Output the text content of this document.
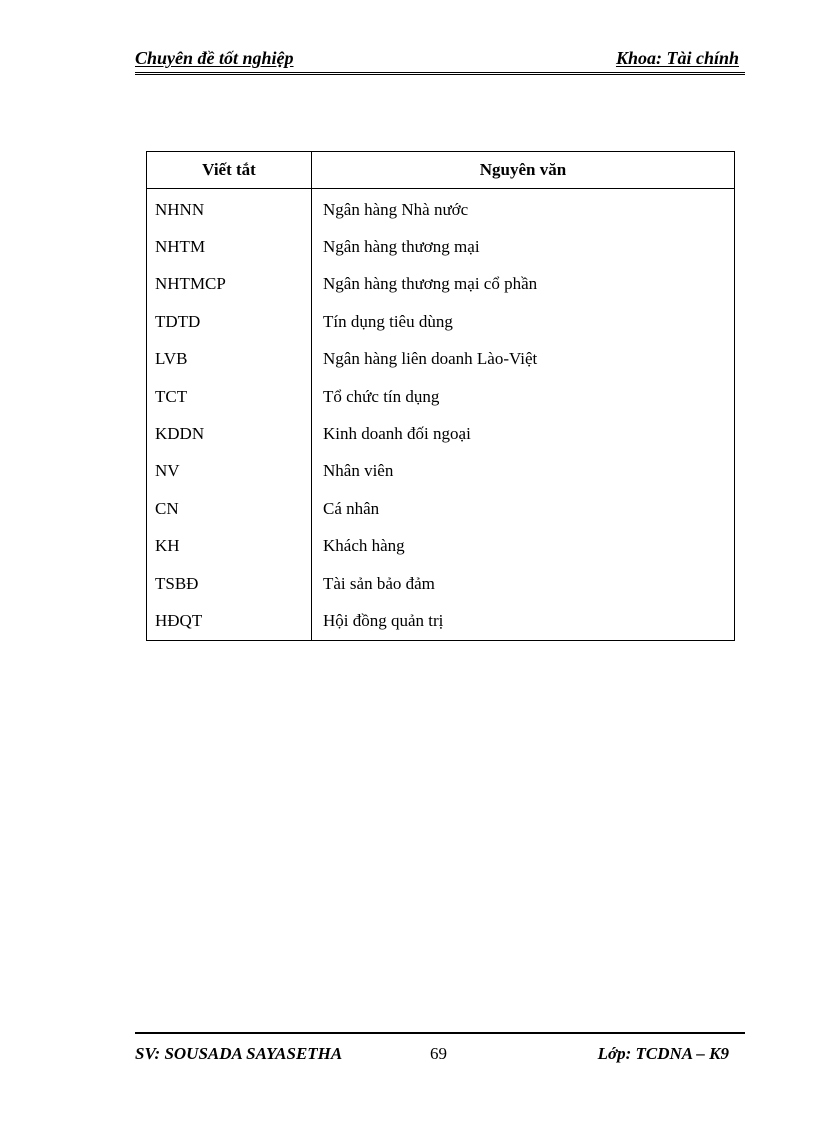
Chuyên đề tốt nghiệp	Khoa: Tài chính
Viết tắt	Nguyên văn
NHNN	Ngân hàng Nhà nước
NHTM	Ngân hàng thương mại
NHTMCP	Ngân hàng thương mại cổ phần
TDTD	Tín dụng tiêu dùng
LVB	Ngân hàng liên doanh Lào-Việt
TCT	Tổ chức tín dụng
KDDN	Kinh doanh đối ngoại
NV	Nhân viên
CN	Cá nhân
KH	Khách hàng
TSBĐ	Tài sản bảo đảm
HĐQT	Hội đồng quản trị
SV: SOUSADA SAYASETHA	69	Lớp: TCDNA – K9
